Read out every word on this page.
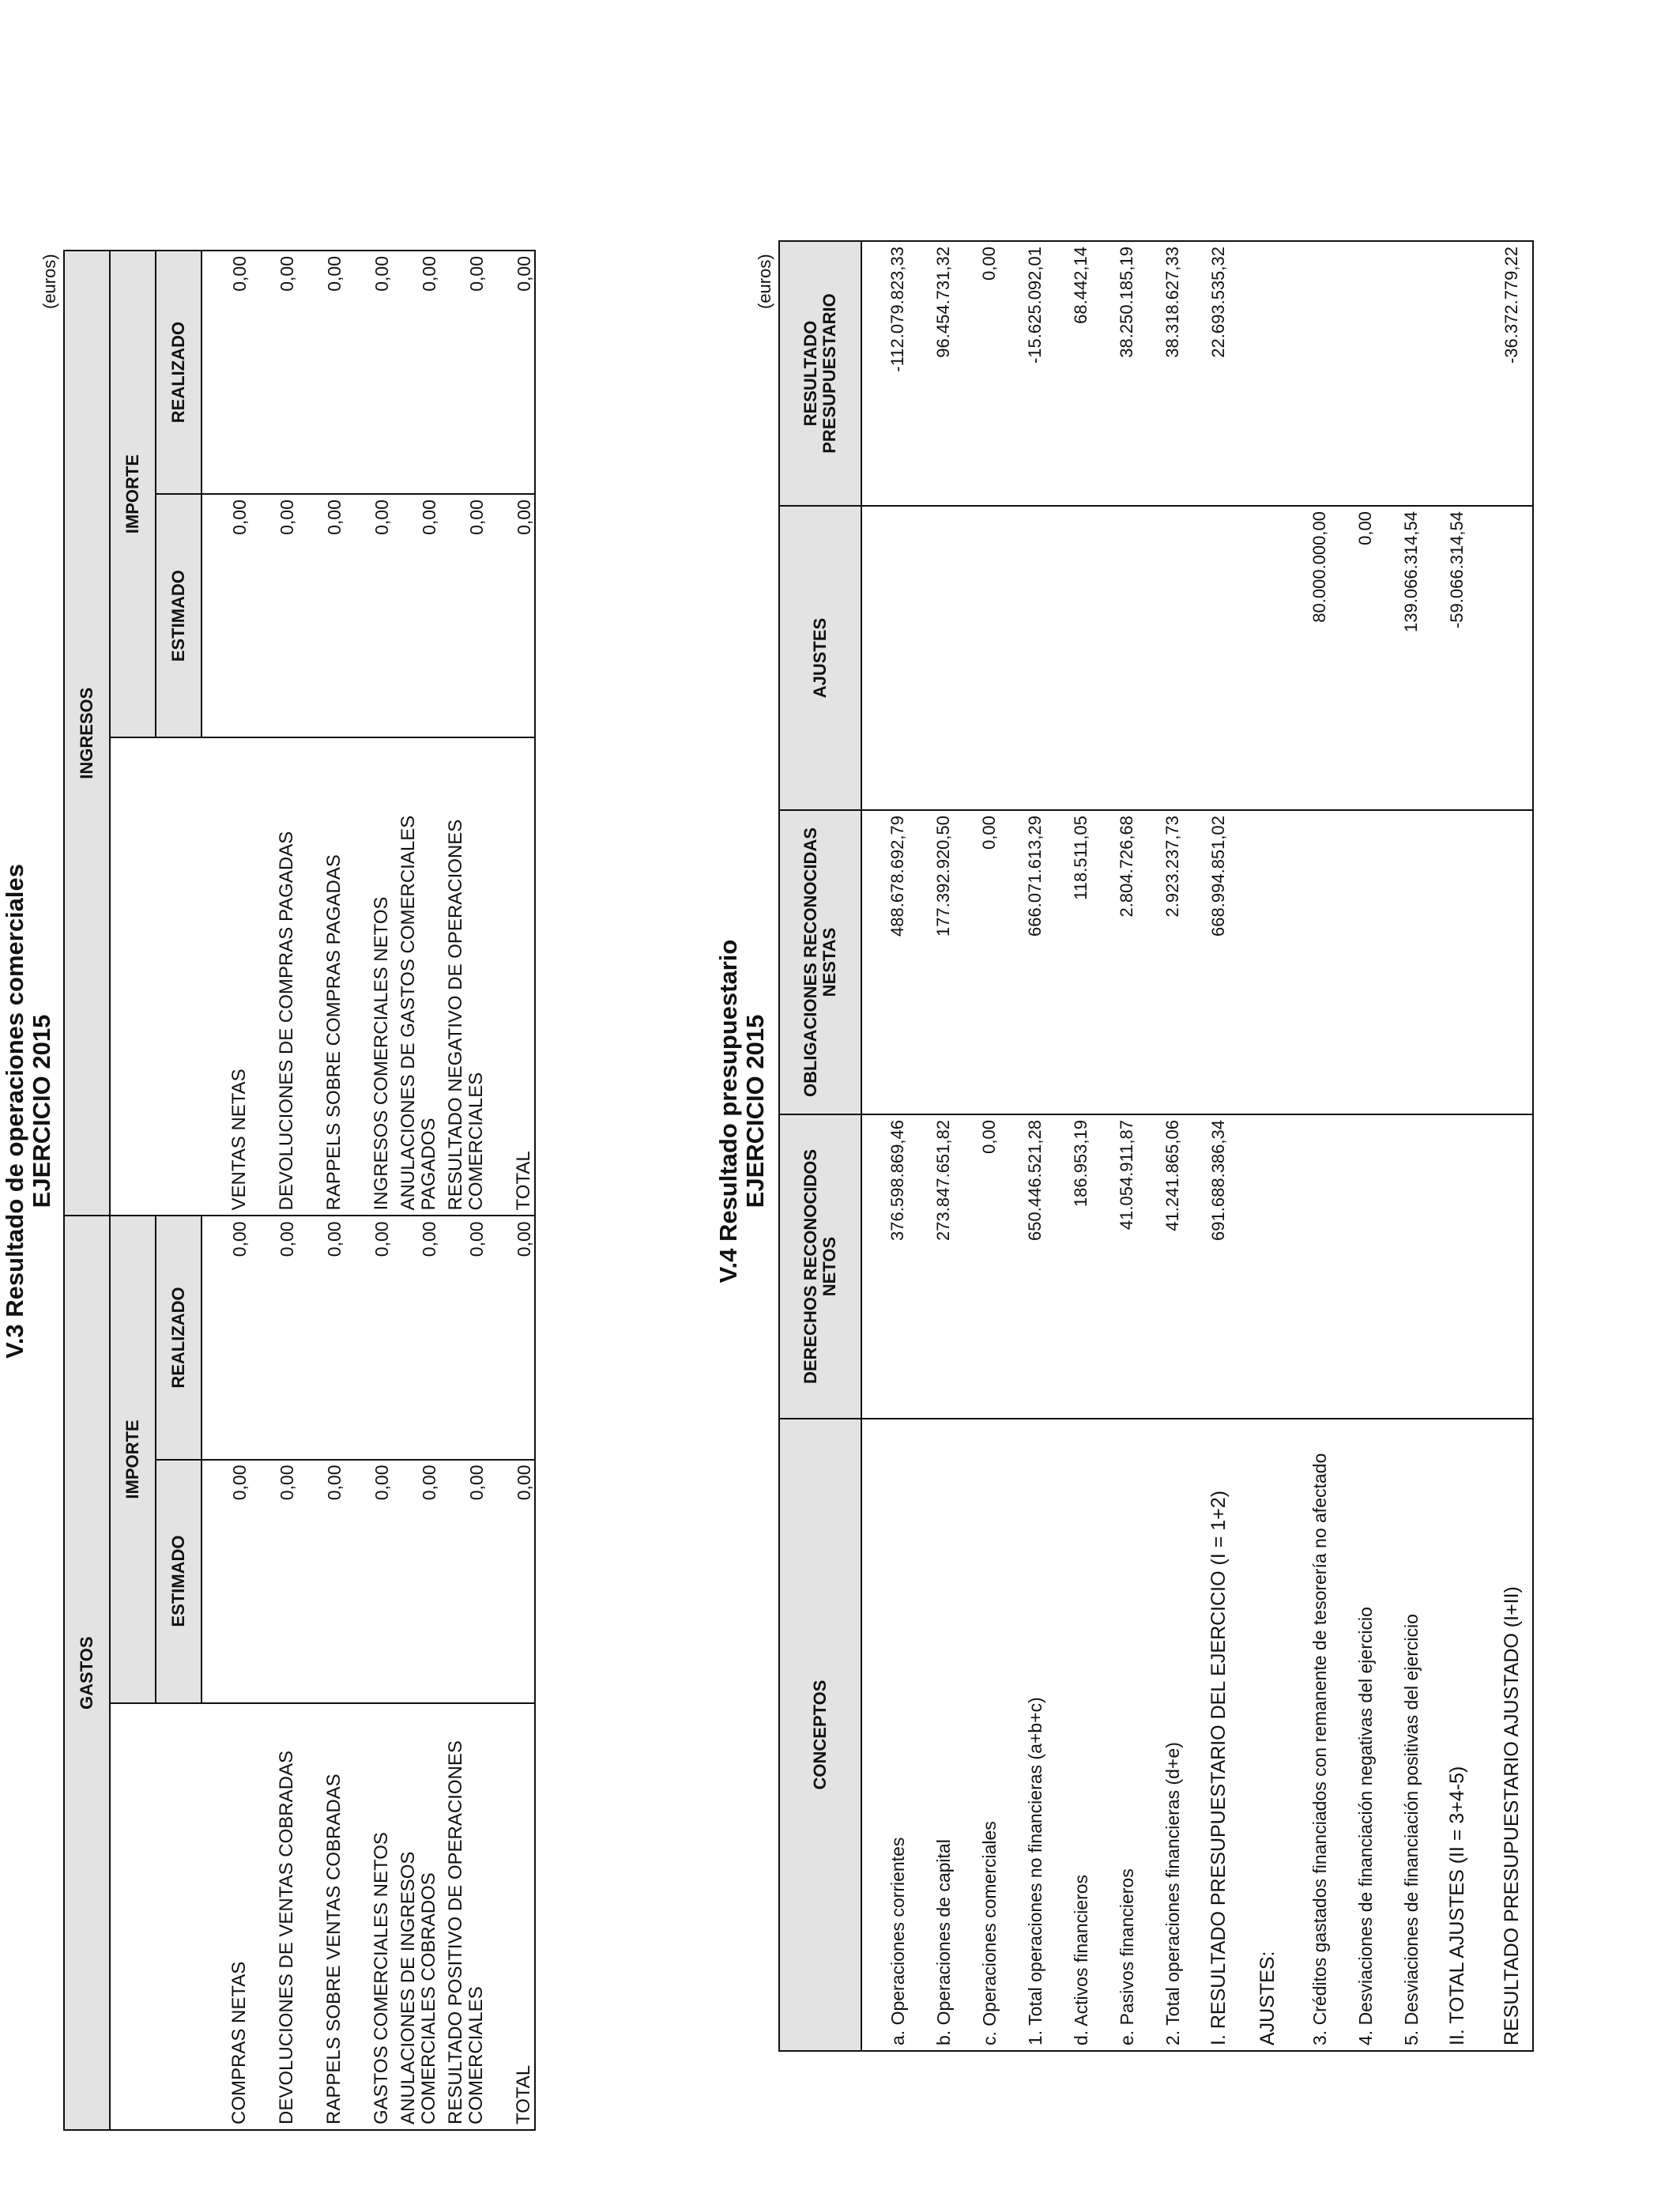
V.3 Resultado de operaciones comerciales EJERCICIO 2015
(euros)
GASTOS			INGRESOS		
	IMPORTE			IMPORTE	
	ESTIMADO	REALIZADO		ESTIMADO	REALIZADO
COMPRAS NETAS	0,00	0,00	VENTAS NETAS	0,00	0,00
DEVOLUCIONES DE VENTAS COBRADAS	0,00	0,00	DEVOLUCIONES DE COMPRAS PAGADAS	0,00	0,00
RAPPELS SOBRE VENTAS COBRADAS	0,00	0,00	RAPPELS SOBRE COMPRAS PAGADAS	0,00	0,00
GASTOS COMERCIALES NETOS	0,00	0,00	INGRESOS COMERCIALES NETOS	0,00	0,00
ANULACIONES DE INGRESOS COMERCIALES COBRADOS	0,00	0,00	ANULACIONES DE GASTOS COMERCIALES PAGADOS	0,00	0,00
RESULTADO POSITIVO DE OPERACIONES COMERCIALES	0,00	0,00	RESULTADO NEGATIVO DE OPERACIONES COMERCIALES	0,00	0,00
TOTAL	0,00	0,00	TOTAL	0,00	0,00
V.4 Resultado presupuestario EJERCICIO 2015
(euros)
CONCEPTOS	DERECHOS RECONOCIDOS NETOS	OBLIGACIONES RECONOCIDAS NESTAS	AJUSTES	RESULTADO PRESUPUESTARIO
a. Operaciones corrientes	376.598.869,46	488.678.692,79		-112.079.823,33
b. Operaciones de capital	273.847.651,82	177.392.920,50		96.454.731,32
c. Operaciones comerciales	0,00	0,00		0,00
1. Total operaciones no financieras (a+b+c)	650.446.521,28	666.071.613,29		-15.625.092,01
d. Activos financieros	186.953,19	118.511,05		68.442,14
e. Pasivos financieros	41.054.911,87	2.804.726,68		38.250.185,19
2. Total operaciones financieras (d+e)	41.241.865,06	2.923.237,73		38.318.627,33
I. RESULTADO PRESUPUESTARIO DEL EJERCICIO (I = 1+2)	691.688.386,34	668.994.851,02		22.693.535,32
AJUSTES:				
3. Créditos gastados financiados con remanente de tesorería no afectado			80.000.000,00	
4. Desviaciones de financiación negativas del ejercicio			0,00	
5. Desviaciones de financiación positivas del ejercicio			139.066.314,54	
II. TOTAL AJUSTES (II = 3+4-5)			-59.066.314,54	
RESULTADO PRESUPUESTARIO AJUSTADO (I+II)				-36.372.779,22
